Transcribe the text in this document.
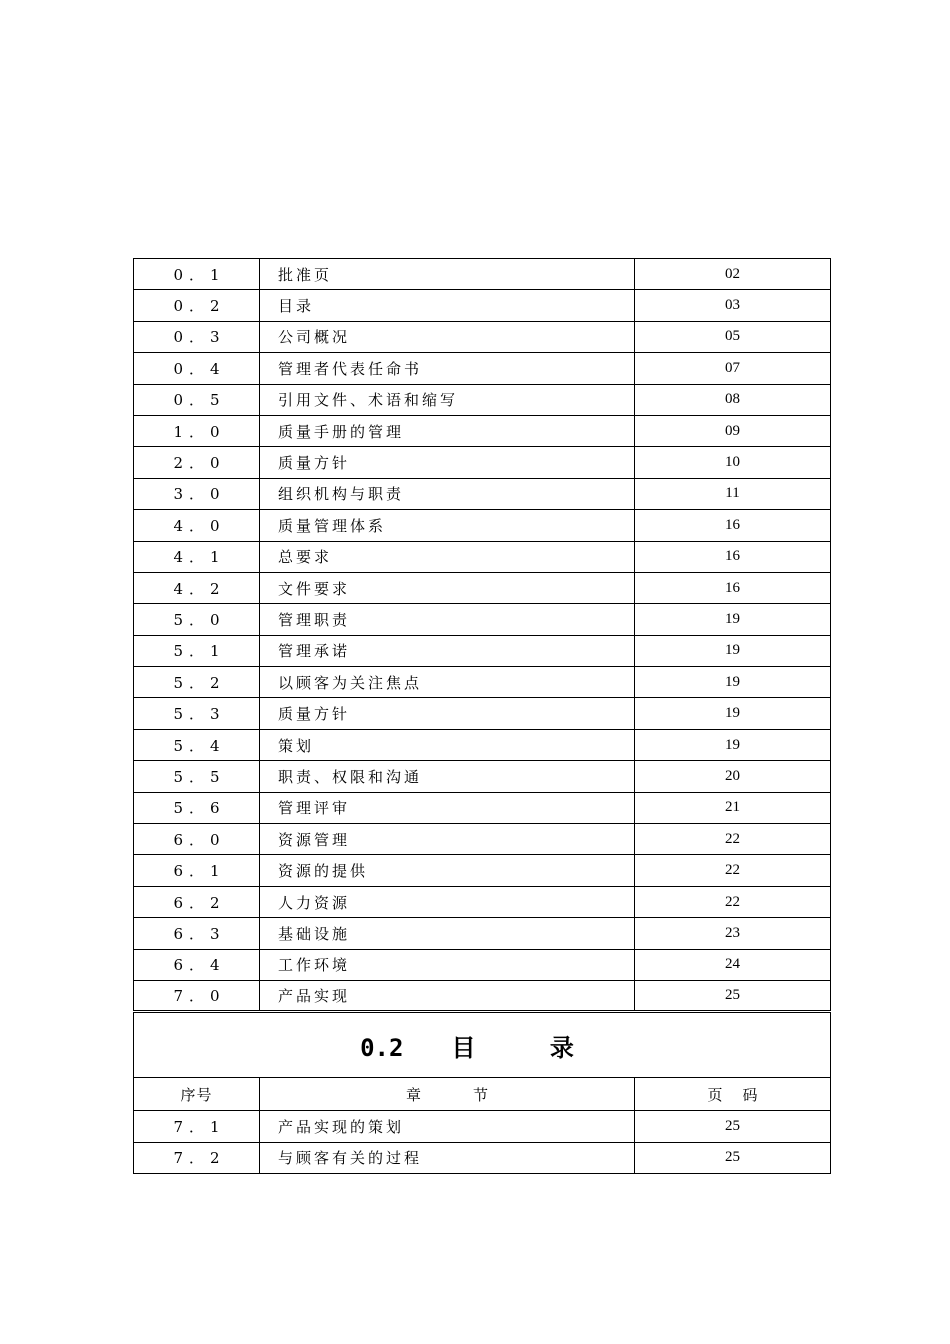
0．1	批准页	02
0．2	目录	03
0．3	公司概况	05
0．4	管理者代表任命书	07
0．5	引用文件、术语和缩写	08
1．0	质量手册的管理	09
2．0	质量方针	10
3．0	组织机构与职责	11
4．0	质量管理体系	16
4．1	总要求	16
4．2	文件要求	16
5．0	管理职责	19
5．1	管理承诺	19
5．2	以顾客为关注焦点	19
5．3	质量方针	19
5．4	策划	19
5．5	职责、权限和沟通	20
5．6	管理评审	21
6．0	资源管理	22
6．1	资源的提供	22
6．2	人力资源	22
6．3	基础设施	23
6．4	工作环境	24
7．0	产品实现	25
0.2 目 录		
序号	章节	页码
7．1	产品实现的策划	25
7．2	与顾客有关的过程	25
